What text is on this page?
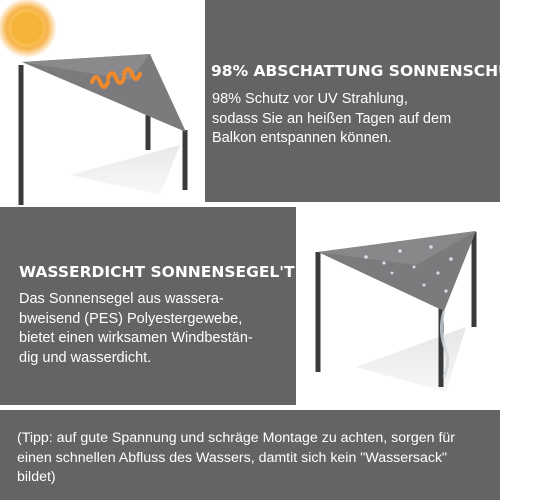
98% ABSCHATTUNG SONNENSCHUTZ
98% Schutz vor UV Strahlung,
sodass Sie an heißen Tagen auf dem
Balkon entspannen können.
WASSERDICHT SONNENSEGEL'T
Das Sonnensegel aus wassera-
bweisend (PES) Polyestergewebe,
bietet einen wirksamen Windbestän-
dig und wasserdicht.
(Tipp: auf gute Spannung und schräge Montage zu achten, sorgen für
einen schnellen Abfluss des Wassers, damtit sich kein "Wassersack"
bildet)
